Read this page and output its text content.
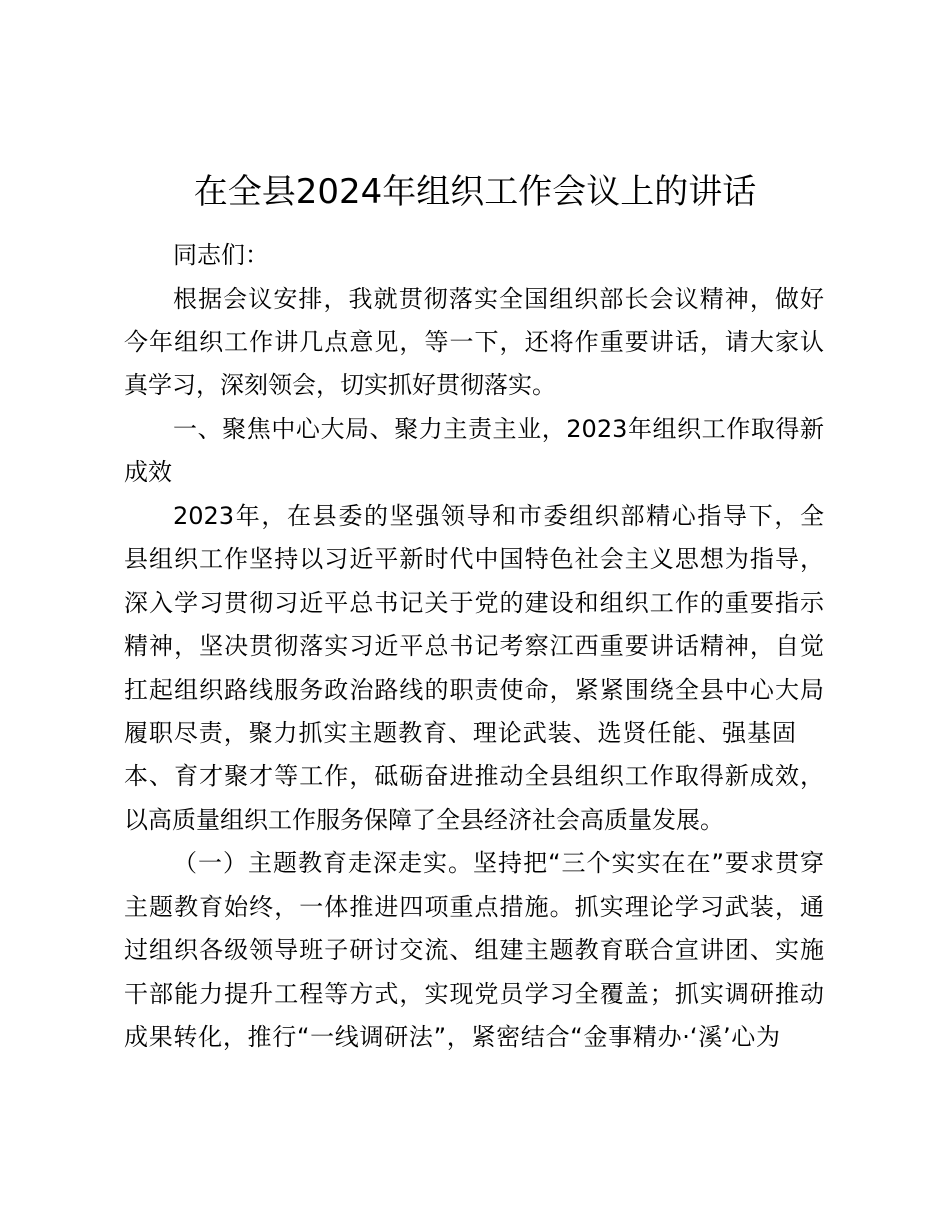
在全县2024年组织工作会议上的讲话
同志们：
根据会议安排，我就贯彻落实全国组织部长会议精神，做好
今年组织工作讲几点意见，等一下，还将作重要讲话，请大家认
真学习，深刻领会，切实抓好贯彻落实。
一、聚焦中心大局、聚力主责主业，2023年组织工作取得新
成效
2023年，在县委的坚强领导和市委组织部精心指导下，全
县组织工作坚持以习近平新时代中国特色社会主义思想为指导，
深入学习贯彻习近平总书记关于党的建设和组织工作的重要指示
精神，坚决贯彻落实习近平总书记考察江西重要讲话精神，自觉
扛起组织路线服务政治路线的职责使命，紧紧围绕全县中心大局
履职尽责，聚力抓实主题教育、理论武装、选贤任能、强基固
本、育才聚才等工作，砥砺奋进推动全县组织工作取得新成效，
以高质量组织工作服务保障了全县经济社会高质量发展。
（一）主题教育走深走实。坚持把“三个实实在在”要求贯穿
主题教育始终，一体推进四项重点措施。抓实理论学习武装，通
过组织各级领导班子研讨交流、组建主题教育联合宣讲团、实施
干部能力提升工程等方式，实现党员学习全覆盖；抓实调研推动
成果转化，推行“一线调研法”，紧密结合“金事精办·‘溪’心为
